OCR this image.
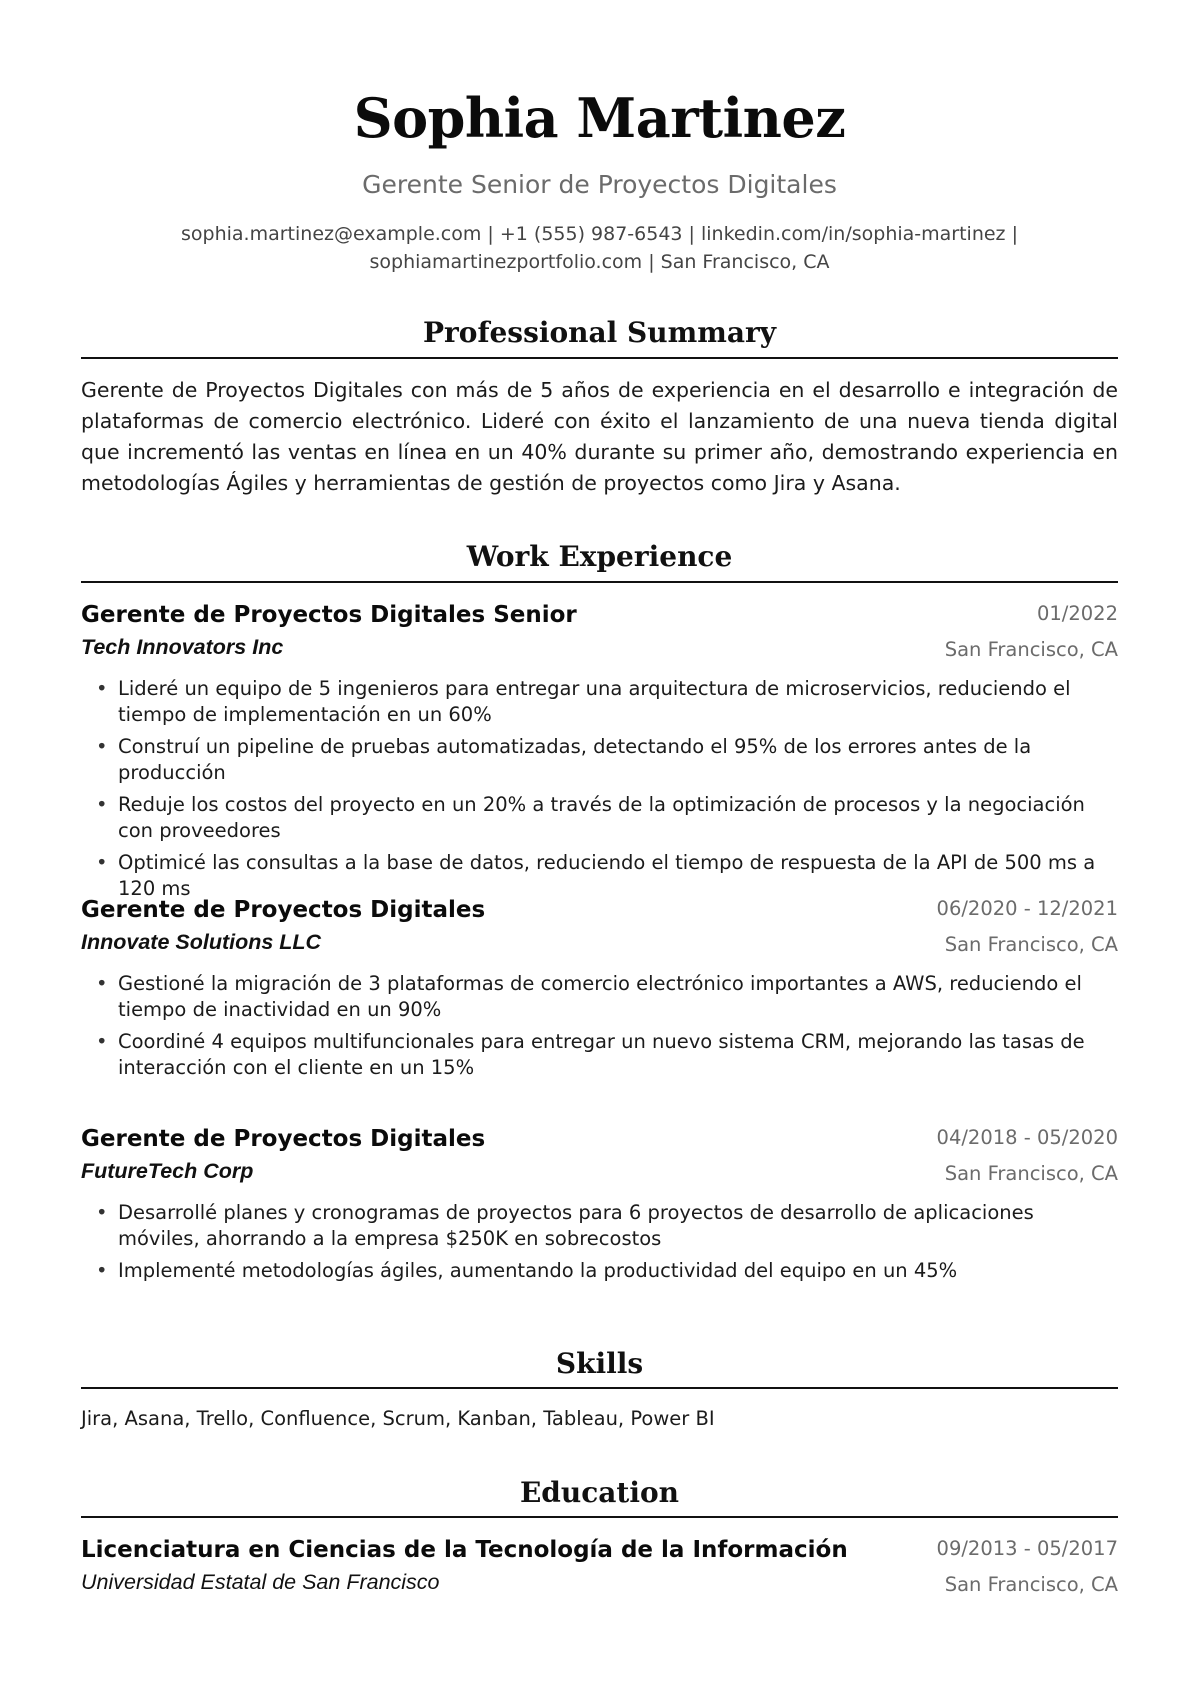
Sophia Martinez
Gerente Senior de Proyectos Digitales
sophia.martinez@example.com | +1 (555) 987-6543 | linkedin.com/in/sophia-martinez |
sophiamartinezportfolio.com | San Francisco, CA
Professional Summary
Gerente de Proyectos Digitales con más de 5 años de experiencia en el desarrollo e integración de plataformas de comercio electrónico. Lideré con éxito el lanzamiento de una nueva tienda digital que incrementó las ventas en línea en un 40% durante su primer año, demostrando experiencia en metodologías Ágiles y herramientas de gestión de proyectos como Jira y Asana.
Work Experience
Gerente de Proyectos Digitales Senior	01/2022
Tech Innovators Inc	San Francisco, CA
• Lideré un equipo de 5 ingenieros para entregar una arquitectura de microservicios, reduciendo el tiempo de implementación en un 60%
• Construí un pipeline de pruebas automatizadas, detectando el 95% de los errores antes de la producción
• Reduje los costos del proyecto en un 20% a través de la optimización de procesos y la negociación con proveedores
• Optimicé las consultas a la base de datos, reduciendo el tiempo de respuesta de la API de 500 ms a 120 ms
Gerente de Proyectos Digitales	06/2020 - 12/2021
Innovate Solutions LLC	San Francisco, CA
• Gestioné la migración de 3 plataformas de comercio electrónico importantes a AWS, reduciendo el tiempo de inactividad en un 90%
• Coordiné 4 equipos multifuncionales para entregar un nuevo sistema CRM, mejorando las tasas de interacción con el cliente en un 15%
Gerente de Proyectos Digitales	04/2018 - 05/2020
FutureTech Corp	San Francisco, CA
• Desarrollé planes y cronogramas de proyectos para 6 proyectos de desarrollo de aplicaciones móviles, ahorrando a la empresa $250K en sobrecostos
• Implementé metodologías ágiles, aumentando la productividad del equipo en un 45%
Skills
Jira, Asana, Trello, Confluence, Scrum, Kanban, Tableau, Power BI
Education
Licenciatura en Ciencias de la Tecnología de la Información	09/2013 - 05/2017
Universidad Estatal de San Francisco	San Francisco, CA
